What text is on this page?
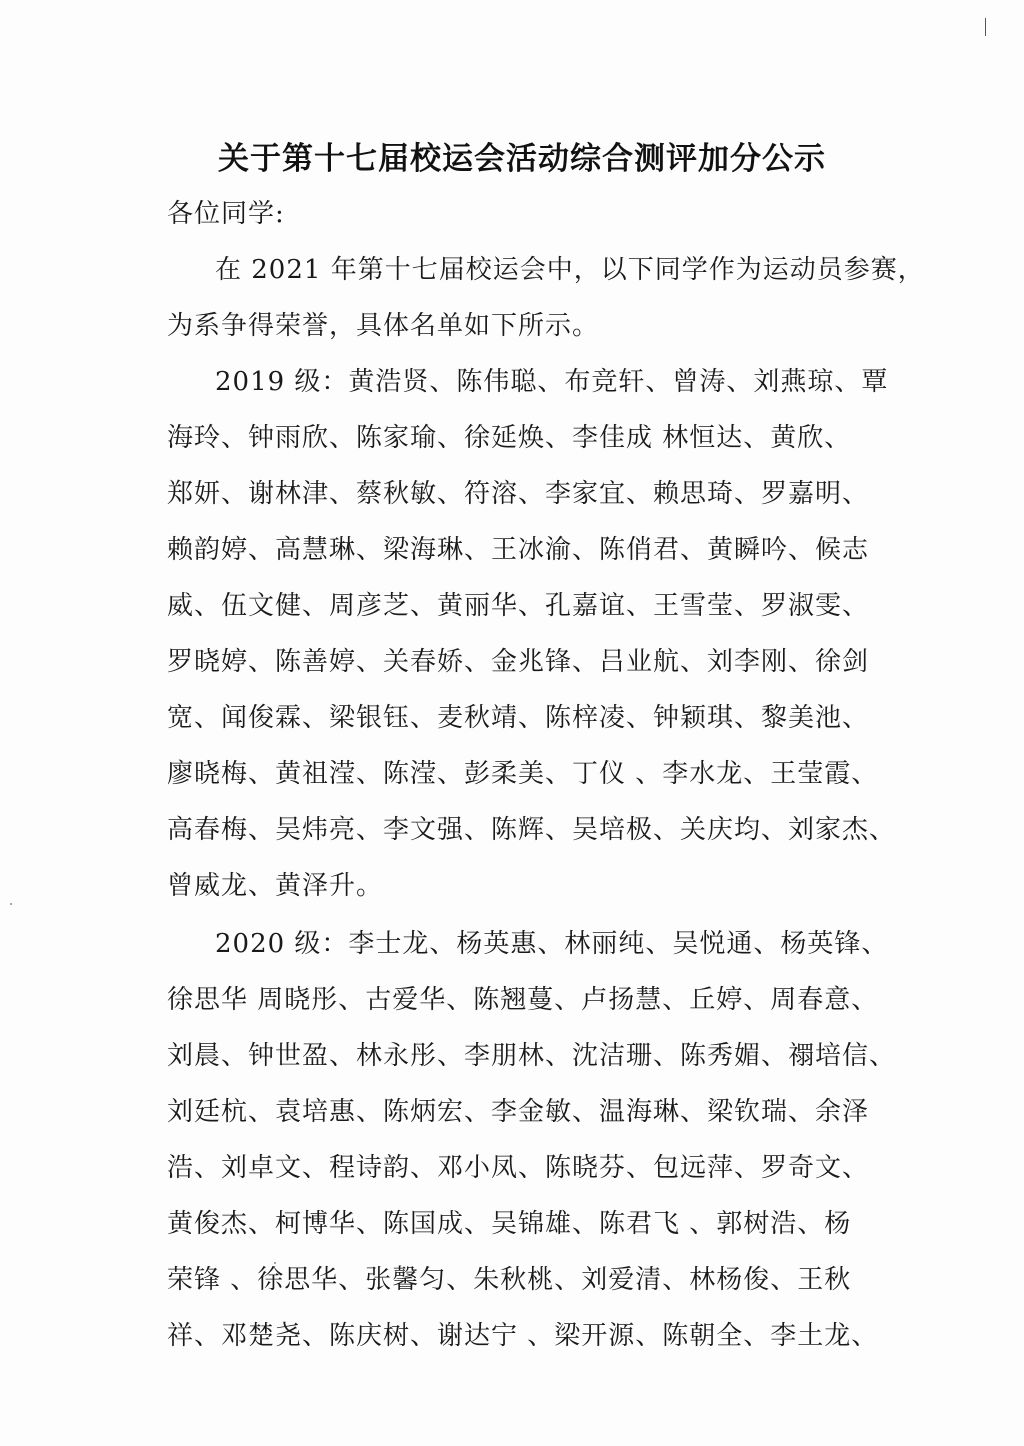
关于第十七届校运会活动综合测评加分公示
各位同学:
在 2021 年第十七届校运会中，以下同学作为运动员参赛，
为系争得荣誉，具体名单如下所示。
2019 级：黄浩贤、陈伟聪、布竞轩、曾涛、刘燕琼、覃
海玲、钟雨欣、陈家瑜、徐延焕、李佳成 林恒达、黄欣、
郑妍、谢林津、蔡秋敏、符溶、李家宜、赖思琦、罗嘉明、
赖韵婷、高慧琳、梁海琳、王冰渝、陈俏君、黄瞬吟、候志
威、伍文健、周彦芝、黄丽华、孔嘉谊、王雪莹、罗淑雯、
罗晓婷、陈善婷、关春娇、金兆锋、吕业航、刘李刚、徐剑
宽、闻俊霖、梁银钰、麦秋靖、陈梓凌、钟颖琪、黎美池、
廖晓梅、黄祖滢、陈滢、彭柔美、丁仪 、李水龙、王莹霞、
高春梅、吴炜亮、李文强、陈辉、吴培极、关庆均、刘家杰、
曾威龙、黄泽升。
2020 级：李士龙、杨英惠、林丽纯、吴悦通、杨英锋、
徐思华 周晓彤、古爱华、陈翘蔓、卢扬慧、丘婷、周春意、
刘晨、钟世盈、林永彤、李朋林、沈洁珊、陈秀媚、禤培信、
刘廷杭、袁培惠、陈炳宏、李金敏、温海琳、梁钦瑞、余泽
浩、刘卓文、程诗韵、邓小凤、陈晓芬、包远萍、罗奇文、
黄俊杰、柯博华、陈国成、吴锦雄、陈君飞 、郭树浩、杨
荣锋 、徐思华、张馨匀、朱秋桃、刘爱清、林杨俊、王秋
祥、邓楚尧、陈庆树、谢达宁 、梁开源、陈朝全、李土龙、
